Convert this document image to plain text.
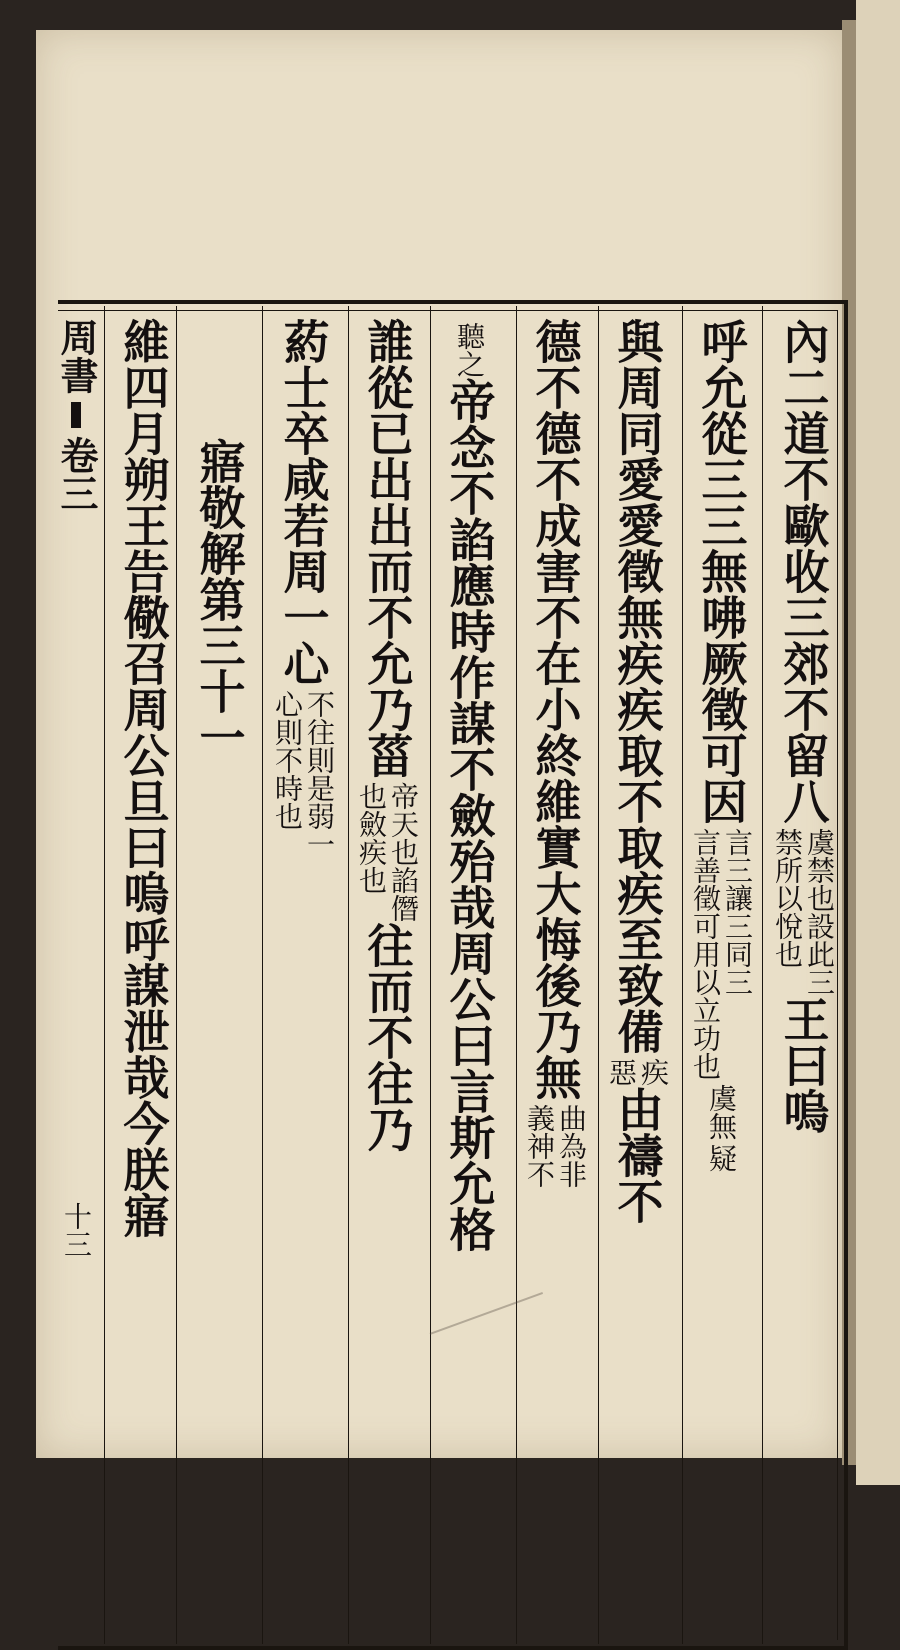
周書
卷三
十三
內二道不歐收三郊不留八
虞禁也設此三
禁所以悅也
王曰嗚
呼允從三三無咈厥徵可因
言三讓三同三
言善徵可用以立功也
虞無
疑
與周同愛愛徵無疾疾取不取疾至致備
疾
惡
由禱不
德不德不成害不在小終維實大悔後乃無
曲為非
義神不
聽之
帝念不諂應時作謀不斂殆哉周公曰言斯允格
誰從已出出而不允乃菑
帝天也諂僭
也斂疾也
往而不往乃
葯士卒咸若周一心
不往則是弱一
心則不時也
寤敬解第三十一
維四月朔王告儆召周公旦曰嗚呼謀泄哉今朕寤
